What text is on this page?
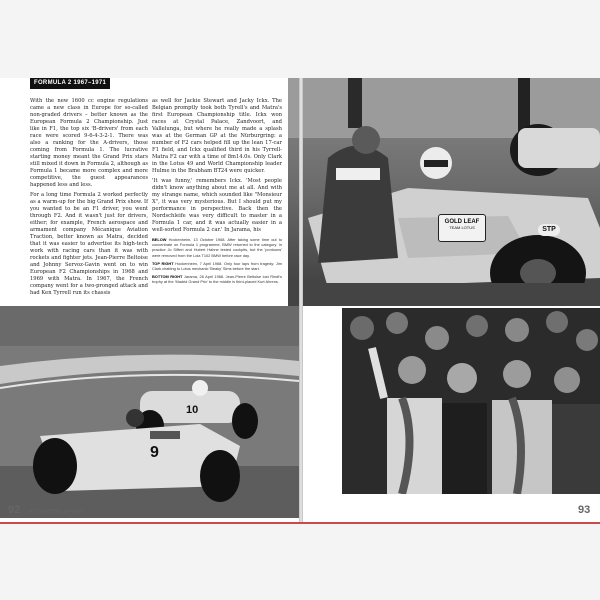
GOLD LEAF
TEAM LOTUS	STP
9
10
FORMULA 2 1967–1971

With the new 1600 cc engine regulations came a new class in Europe for so-called non-graded drivers – better known as the European Formula 2 Championship. Just like in F1, the top six 'B-drivers' from each race were scored 9-6-4-3-2-1. There was also a ranking for the A-drivers, those coming from Formula 1. The lucrative starting money meant the Grand Prix stars still mixed it down in Formula 2, although as Formula 1 became more complex and more competitive, the guest appearances happened less and less.

For a long time Formula 2 worked perfectly as a warm-up for the big Grand Prix show. If you wanted to be an F1 driver, you went through F2. And it wasn't just for drivers, either; for example, French aerospace and armament company Mécanique Aviation Traction, better known as Matra, decided that it was easier to advertise its high-tech work with racing cars than it was with rockets and fighter jets. Jean-Pierre Beltoise and Johnny Servoz-Gavin went on to win European F2 Championships in 1968 and 1969 with Matra. In 1967, the French company went for a two-pronged attack and had Ken Tyrrell run its chassis

as well for Jackie Stewart and Jacky Ickx. The Belgian promptly took both Tyrell's and Matra's first European Championship title. Ickx won races at Crystal Palace, Zandvoort, and Vallelunga, but where he really made a splash was at the German GP at the Nürburgring: a number of F2 cars helped fill up the lean 17-car F1 field, and Ickx qualified third in his Tyrrell-Matra F2 car with a time of 8m14.0s. Only Clark in the Lotus 49 and World Championship leader Hulme in the Brabham BT24 were quicker.

'It was funny,' remembers Ickx. 'Most people didn't know anything about me at all. And with my strange name, which sounded like "Monsieur X", it was very mysterious. But I should put my performance in perspective. Back then the Nordschleife was very difficult to master in a Formula 1 car, and it was actually easier in a well-sorted Formula 2 car.' In Jarama, his

BELOW Hockenheim, 13 October 1968. After taking some time out to concentrate on Formula 1 programme, BMW returned to the category. In practice Jo Siffert and Hubert Hahne tested cockpits, but the 'pontoons' were removed from the Lola T102 BMW before race day.

TOP RIGHT Hockenheim, 7 April 1968. Only four laps from tragedy: Jim Clark chatting to Lotus mechanic 'Beaky' Sims before the start.

BOTTOM RIGHT Jarama, 28 April 1968. Jean-Pierre Beltoise lost Rindt's trophy at the 'Madrid Grand Prix' to the middle is third-placed Kurt Ahrens.

92 AUTOMOBILSPORT	93
